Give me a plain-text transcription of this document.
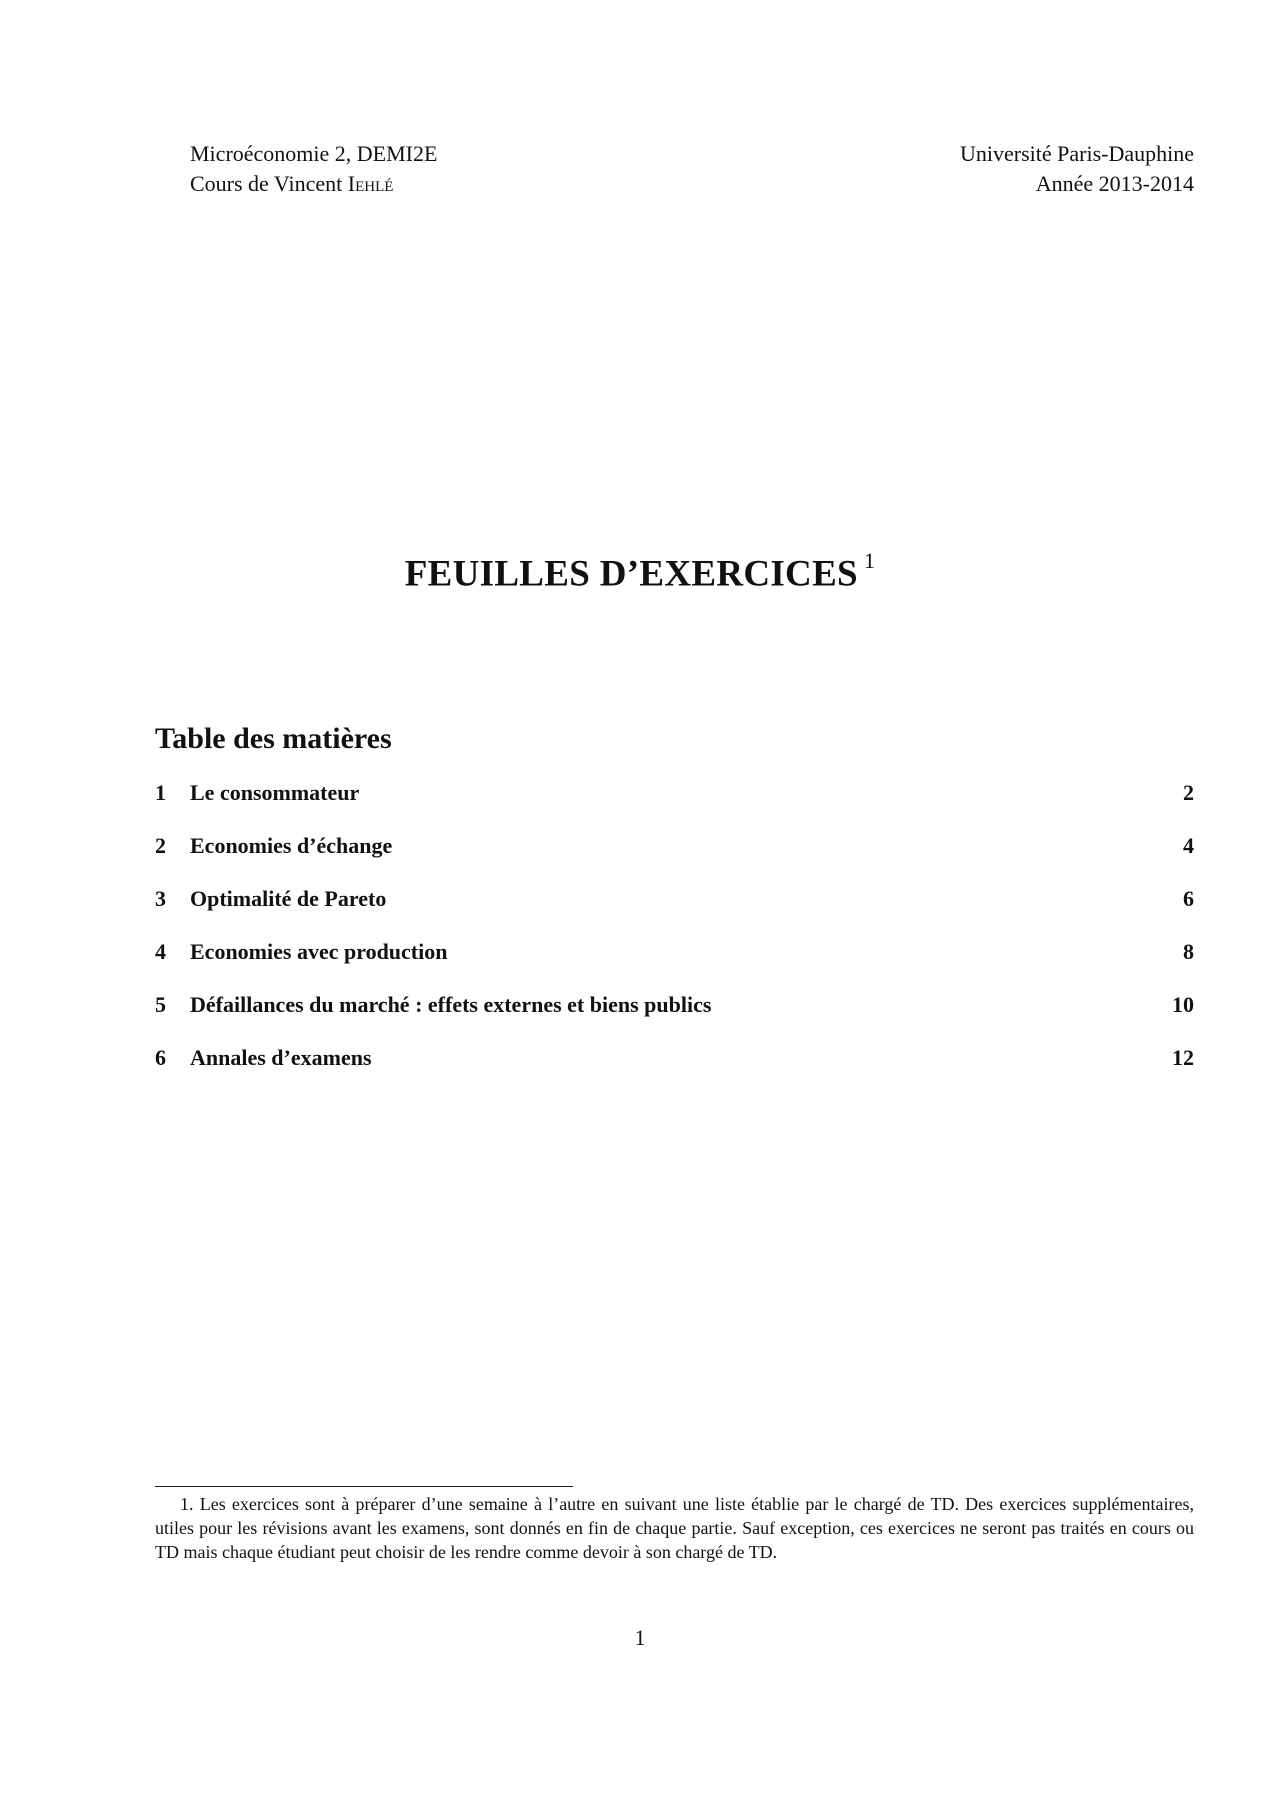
Microéconomie 2, DEMI2E
Cours de Vincent Iehlé
Université Paris-Dauphine
Année 2013-2014
FEUILLES D’EXERCICES $^1$
Table des matières
1	Le consommateur	2
2	Economies d’échange	4
3	Optimalité de Pareto	6
4	Economies avec production	8
5	Défaillances du marché : effets externes et biens publics	10
6	Annales d’examens	12
1. Les exercices sont à préparer d’une semaine à l’autre en suivant une liste établie par le chargé de TD. Des exercices supplémentaires, utiles pour les révisions avant les examens, sont donnés en fin de chaque partie. Sauf exception, ces exercices ne seront pas traités en cours ou TD mais chaque étudiant peut choisir de les rendre comme devoir à son chargé de TD.
1
